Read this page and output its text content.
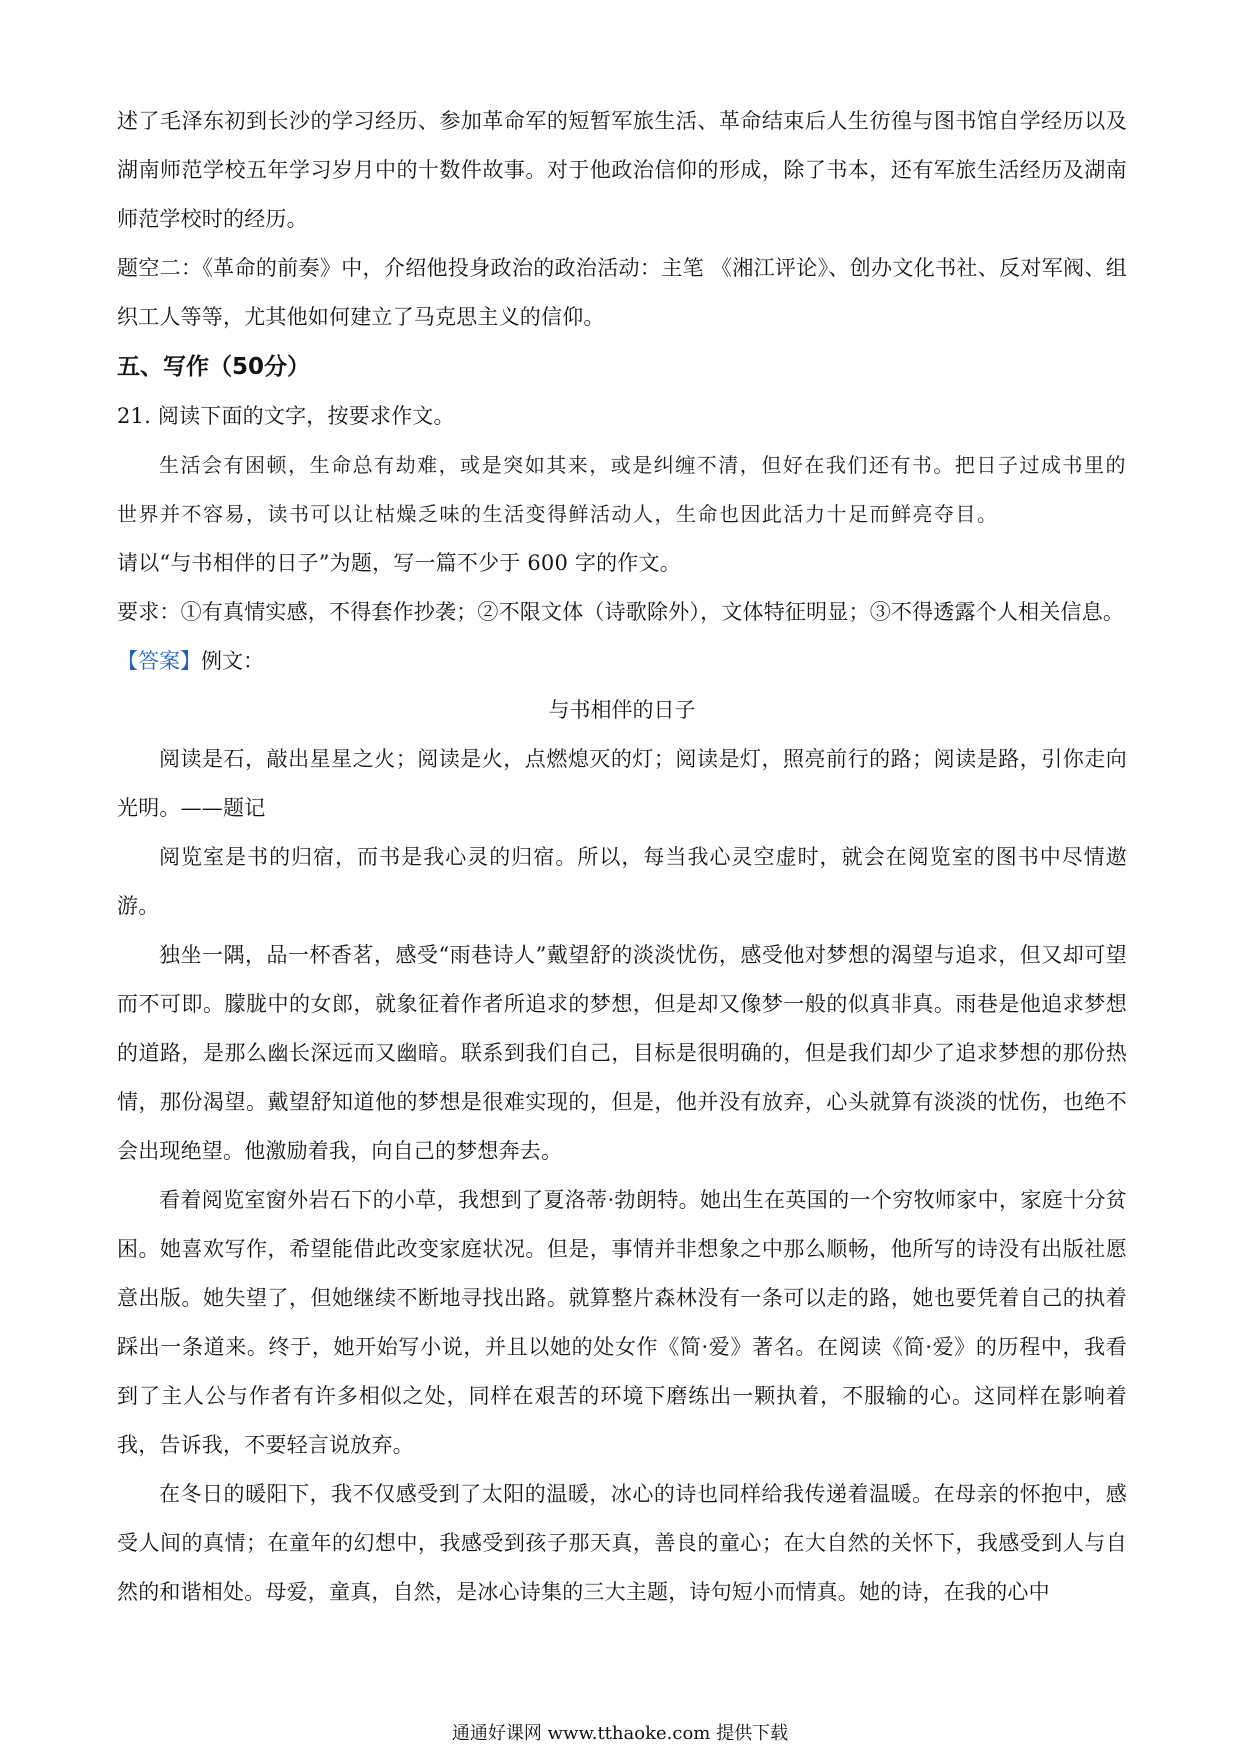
述了毛泽东初到长沙的学习经历、参加革命军的短暂军旅生活、革命结束后人生彷徨与图书馆自学经历以及湖南师范学校五年学习岁月中的十数件故事。对于他政治信仰的形成，除了书本，还有军旅生活经历及湖南师范学校时的经历。

题空二：《革命的前奏》中，介绍他投身政治的政治活动：主笔 《湘江评论》、创办文化书社、反对军阀、组织工人等等，尤其他如何建立了马克思主义的信仰。

五、写作（50分）

21. 阅读下面的文字，按要求作文。

生活会有困顿，生命总有劫难，或是突如其来，或是纠缠不清，但好在我们还有书。把日子过成书里的世界并不容易，读书可以让枯燥乏味的生活变得鲜活动人，生命也因此活力十足而鲜亮夺目。

请以“与书相伴的日子”为题，写一篇不少于 600 字的作文。

要求：①有真情实感，不得套作抄袭；②不限文体（诗歌除外），文体特征明显；③不得透露个人相关信息。

【答案】例文：

与书相伴的日子

阅读是石，敲出星星之火；阅读是火，点燃熄灭的灯；阅读是灯，照亮前行的路；阅读是路，引你走向光明。——题记

阅览室是书的归宿，而书是我心灵的归宿。所以，每当我心灵空虚时，就会在阅览室的图书中尽情遨游。

独坐一隅，品一杯香茗，感受“雨巷诗人”戴望舒的淡淡忧伤，感受他对梦想的渴望与追求，但又却可望而不可即。朦胧中的女郎，就象征着作者所追求的梦想，但是却又像梦一般的似真非真。雨巷是他追求梦想的道路，是那么幽长深远而又幽暗。联系到我们自己，目标是很明确的，但是我们却少了追求梦想的那份热情，那份渴望。戴望舒知道他的梦想是很难实现的，但是，他并没有放弃，心头就算有淡淡的忧伤，也绝不会出现绝望。他激励着我，向自己的梦想奔去。

看着阅览室窗外岩石下的小草，我想到了夏洛蒂·勃朗特。她出生在英国的一个穷牧师家中，家庭十分贫困。她喜欢写作，希望能借此改变家庭状况。但是，事情并非想象之中那么顺畅，他所写的诗没有出版社愿意出版。她失望了，但她继续不断地寻找出路。就算整片森林没有一条可以走的路，她也要凭着自己的执着踩出一条道来。终于，她开始写小说，并且以她的处女作《简·爱》著名。在阅读《简·爱》的历程中，我看到了主人公与作者有许多相似之处，同样在艰苦的环境下磨练出一颗执着，不服输的心。这同样在影响着我，告诉我，不要轻言说放弃。

在冬日的暖阳下，我不仅感受到了太阳的温暖，冰心的诗也同样给我传递着温暖。在母亲的怀抱中，感受人间的真情；在童年的幻想中，我感受到孩子那天真，善良的童心；在大自然的关怀下，我感受到人与自然的和谐相处。母爱，童真，自然，是冰心诗集的三大主题，诗句短小而情真。她的诗，在我的心中

通通好课网 www.tthaoke.com 提供下载
